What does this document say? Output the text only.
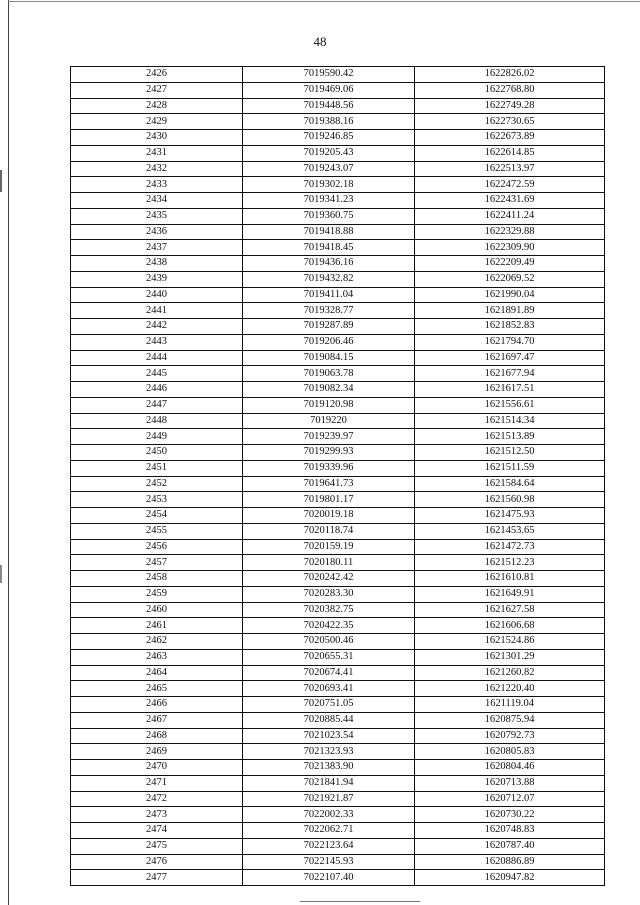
48
2426	7019590.42	1622826.02
2427	7019469.06	1622768.80
2428	7019448.56	1622749.28
2429	7019388.16	1622730.65
2430	7019246.85	1622673.89
2431	7019205.43	1622614.85
2432	7019243.07	1622513.97
2433	7019302.18	1622472.59
2434	7019341.23	1622431.69
2435	7019360.75	1622411.24
2436	7019418.88	1622329.88
2437	7019418.45	1622309.90
2438	7019436.16	1622209.49
2439	7019432.82	1622069.52
2440	7019411.04	1621990.04
2441	7019328.77	1621891.89
2442	7019287.89	1621852.83
2443	7019206.46	1621794.70
2444	7019084.15	1621697.47
2445	7019063.78	1621677.94
2446	7019082.34	1621617.51
2447	7019120.98	1621556.61
2448	7019220	1621514.34
2449	7019239.97	1621513.89
2450	7019299.93	1621512.50
2451	7019339.96	1621511.59
2452	7019641.73	1621584.64
2453	7019801.17	1621560.98
2454	7020019.18	1621475.93
2455	7020118.74	1621453.65
2456	7020159.19	1621472.73
2457	7020180.11	1621512.23
2458	7020242.42	1621610.81
2459	7020283.30	1621649.91
2460	7020382.75	1621627.58
2461	7020422.35	1621606.68
2462	7020500.46	1621524.86
2463	7020655.31	1621301.29
2464	7020674.41	1621260.82
2465	7020693.41	1621220.40
2466	7020751.05	1621119.04
2467	7020885.44	1620875.94
2468	7021023.54	1620792.73
2469	7021323.93	1620805.83
2470	7021383.90	1620804.46
2471	7021841.94	1620713.88
2472	7021921.87	1620712.07
2473	7022002.33	1620730.22
2474	7022062.71	1620748.83
2475	7022123.64	1620787.40
2476	7022145.93	1620886.89
2477	7022107.40	1620947.82
